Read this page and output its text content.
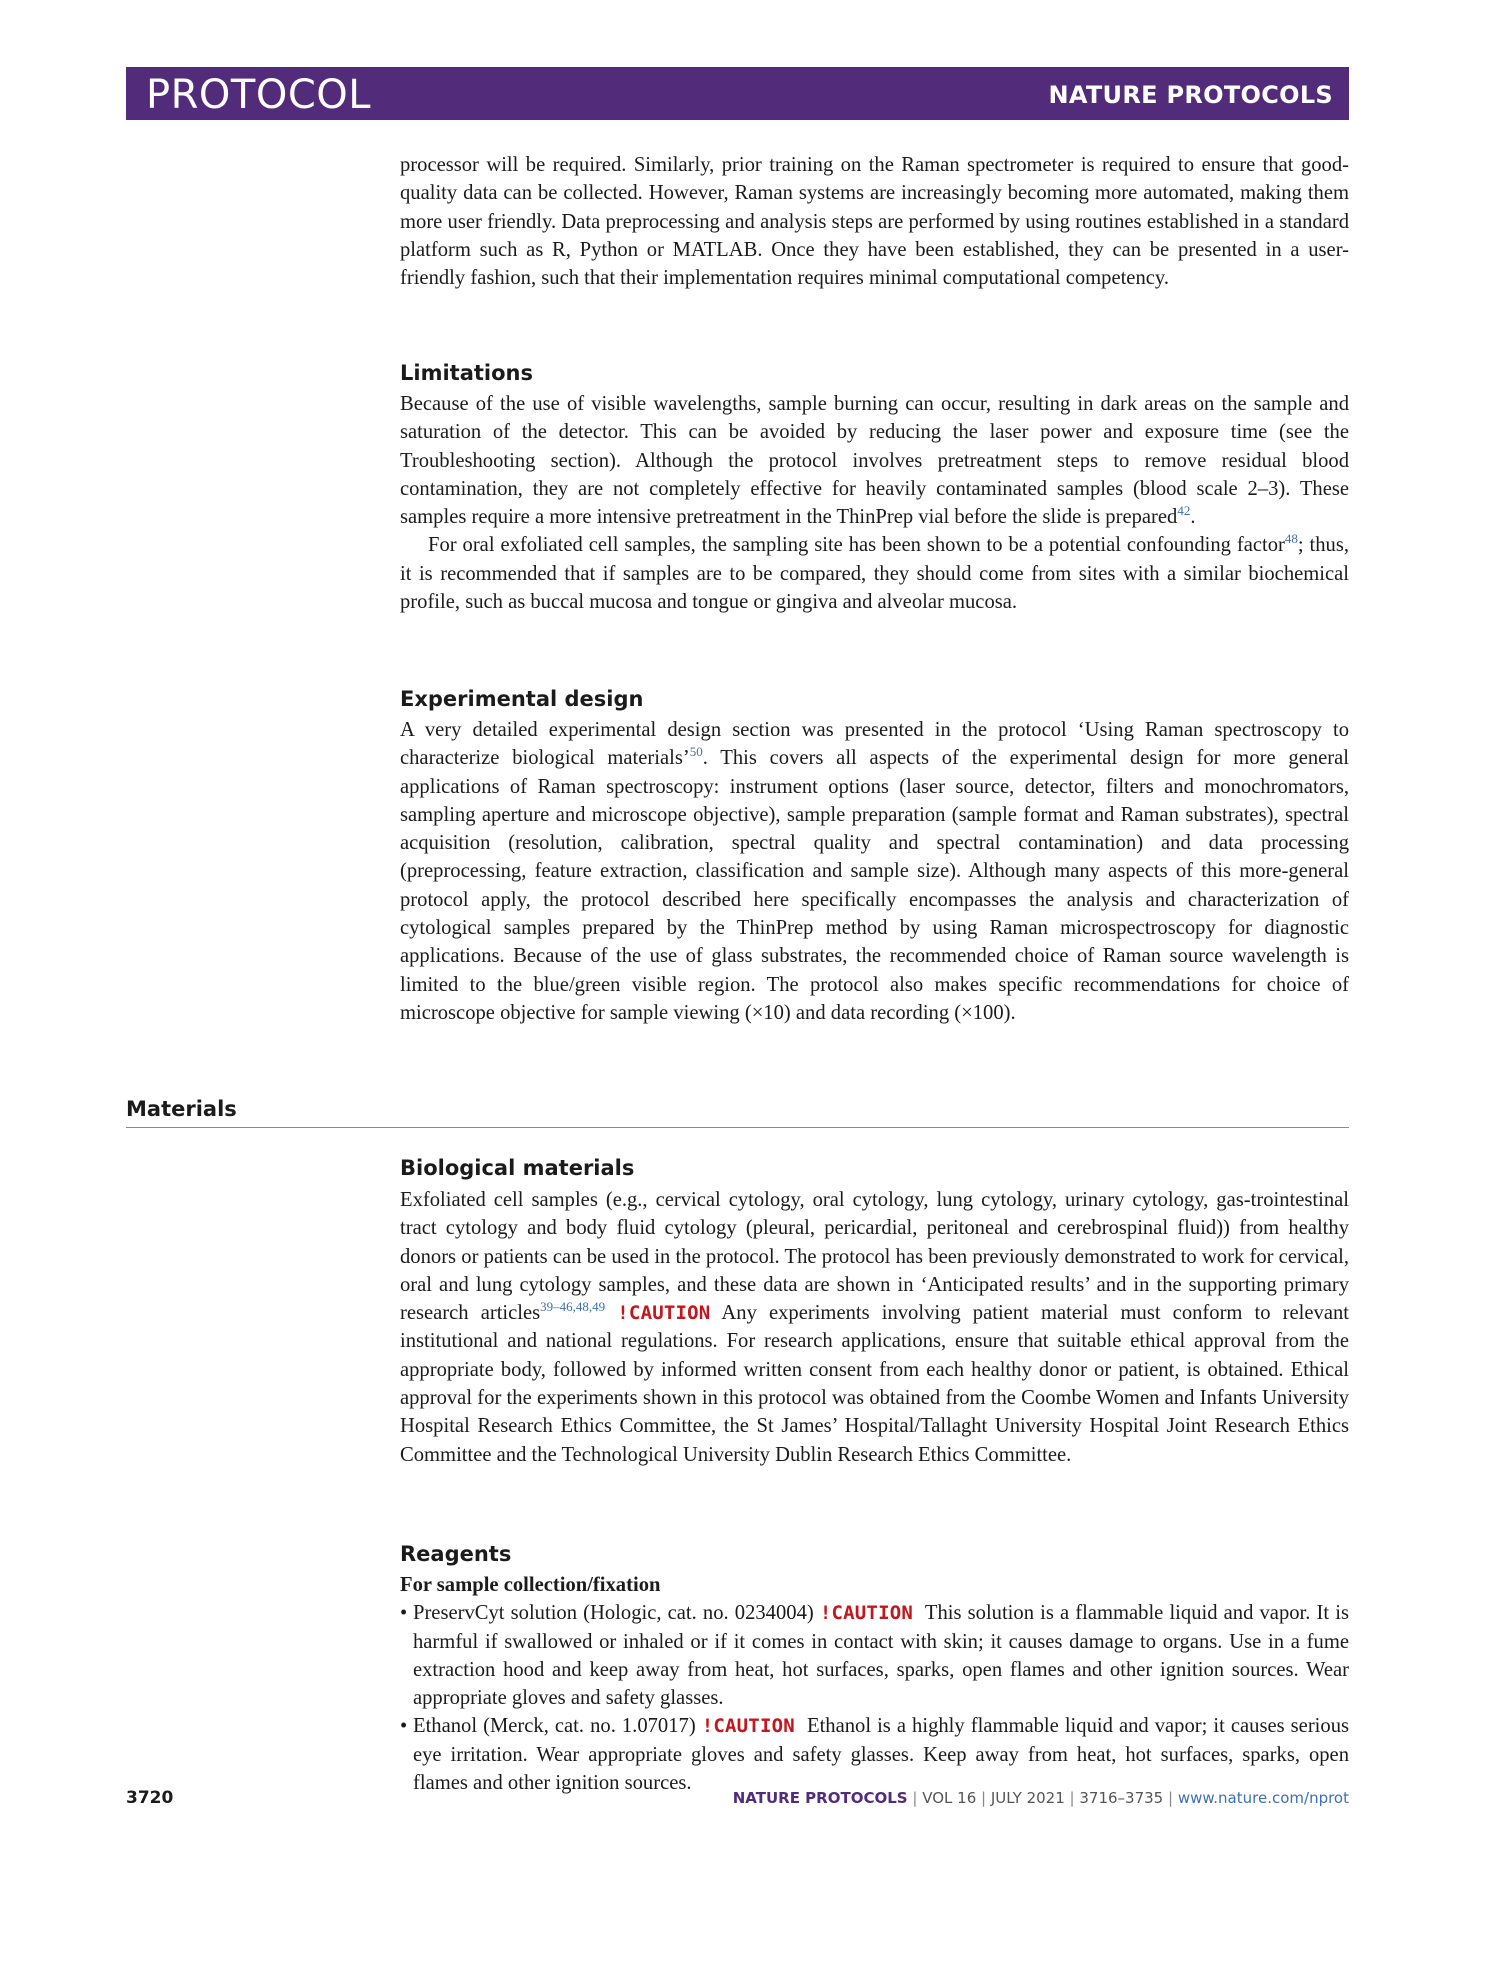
PROTOCOL	NATURE PROTOCOLS

processor will be required. Similarly, prior training on the Raman spectrometer is required to ensure that good-quality data can be collected. However, Raman systems are increasingly becoming more automated, making them more user friendly. Data preprocessing and analysis steps are performed by using routines established in a standard platform such as R, Python or MATLAB. Once they have been established, they can be presented in a user-friendly fashion, such that their implementation requires minimal computational competency.

Limitations

Because of the use of visible wavelengths, sample burning can occur, resulting in dark areas on the sample and saturation of the detector. This can be avoided by reducing the laser power and exposure time (see the Troubleshooting section). Although the protocol involves pretreatment steps to remove residual blood contamination, they are not completely effective for heavily contaminated samples (blood scale 2–3). These samples require a more intensive pretreatment in the ThinPrep vial before the slide is prepared$^{42}$.

For oral exfoliated cell samples, the sampling site has been shown to be a potential confounding factor$^{48}$; thus, it is recommended that if samples are to be compared, they should come from sites with a similar biochemical profile, such as buccal mucosa and tongue or gingiva and alveolar mucosa.

Experimental design

A very detailed experimental design section was presented in the protocol ‘Using Raman spectroscopy to characterize biological materials’$^{50}$. This covers all aspects of the experimental design for more general applications of Raman spectroscopy: instrument options (laser source, detector, filters and monochromators, sampling aperture and microscope objective), sample preparation (sample format and Raman substrates), spectral acquisition (resolution, calibration, spectral quality and spectral contamination) and data processing (preprocessing, feature extraction, classification and sample size). Although many aspects of this more-general protocol apply, the protocol described here specifically encompasses the analysis and characterization of cytological samples prepared by the ThinPrep method by using Raman microspectroscopy for diagnostic applications. Because of the use of glass substrates, the recommended choice of Raman source wavelength is limited to the blue/green visible region. The protocol also makes specific recommendations for choice of microscope objective for sample viewing (×10) and data recording (×100).

Materials
Biological materials

Exfoliated cell samples (e.g., cervical cytology, oral cytology, lung cytology, urinary cytology, gas-trointestinal tract cytology and body fluid cytology (pleural, pericardial, peritoneal and cerebrospinal fluid)) from healthy donors or patients can be used in the protocol. The protocol has been previously demonstrated to work for cervical, oral and lung cytology samples, and these data are shown in ‘Anticipated results’ and in the supporting primary research articles$^{39-46,48,49}$ !CAUTION Any experiments involving patient material must conform to relevant institutional and national regulations. For research applications, ensure that suitable ethical approval from the appropriate body, followed by informed written consent from each healthy donor or patient, is obtained. Ethical approval for the experiments shown in this protocol was obtained from the Coombe Women and Infants University Hospital Research Ethics Committee, the St James’ Hospital/Tallaght University Hospital Joint Research Ethics Committee and the Technological University Dublin Research Ethics Committee.

Reagents
For sample collection/fixation
• PreservCyt solution (Hologic, cat. no. 0234004) !CAUTION This solution is a flammable liquid and vapor. It is harmful if swallowed or inhaled or if it comes in contact with skin; it causes damage to organs. Use in a fume extraction hood and keep away from heat, hot surfaces, sparks, open flames and other ignition sources. Wear appropriate gloves and safety glasses.
• Ethanol (Merck, cat. no. 1.07017) !CAUTION Ethanol is a highly flammable liquid and vapor; it causes serious eye irritation. Wear appropriate gloves and safety glasses. Keep away from heat, hot surfaces, sparks, open flames and other ignition sources.
3720	NATURE PROTOCOLS | VOL 16 | JULY 2021 | 3716–3735 | www.nature.com/nprot
